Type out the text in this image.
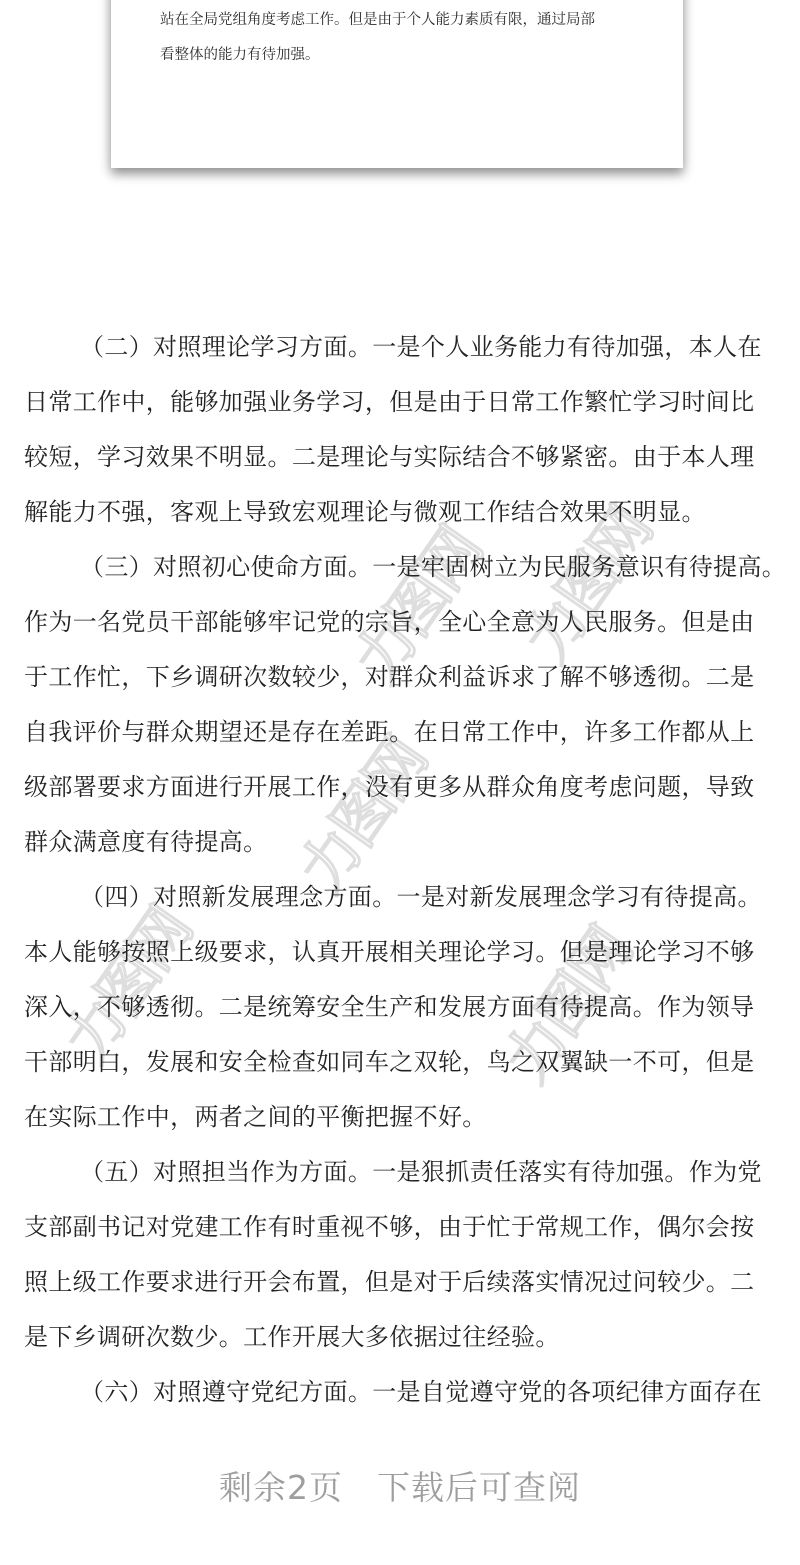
站在全局党组角度考虑工作。但是由于个人能力素质有限，通过局部
看整体的能力有待加强。
力图网 力图网
力图网
力图网	力图网
（二）对照理论学习方面。一是个人业务能力有待加强，本人在
日常工作中，能够加强业务学习，但是由于日常工作繁忙学习时间比
较短，学习效果不明显。二是理论与实际结合不够紧密。由于本人理
解能力不强，客观上导致宏观理论与微观工作结合效果不明显。
（三）对照初心使命方面。一是牢固树立为民服务意识有待提高。
作为一名党员干部能够牢记党的宗旨，全心全意为人民服务。但是由
于工作忙，下乡调研次数较少，对群众利益诉求了解不够透彻。二是
自我评价与群众期望还是存在差距。在日常工作中，许多工作都从上
级部署要求方面进行开展工作，没有更多从群众角度考虑问题，导致
群众满意度有待提高。
（四）对照新发展理念方面。一是对新发展理念学习有待提高。
本人能够按照上级要求，认真开展相关理论学习。但是理论学习不够
深入，不够透彻。二是统筹安全生产和发展方面有待提高。作为领导
干部明白，发展和安全检查如同车之双轮，鸟之双翼缺一不可，但是
在实际工作中，两者之间的平衡把握不好。
（五）对照担当作为方面。一是狠抓责任落实有待加强。作为党
支部副书记对党建工作有时重视不够，由于忙于常规工作，偶尔会按
照上级工作要求进行开会布置，但是对于后续落实情况过问较少。二
是下乡调研次数少。工作开展大多依据过往经验。
（六）对照遵守党纪方面。一是自觉遵守党的各项纪律方面存在
剩余2页 下载后可查阅
